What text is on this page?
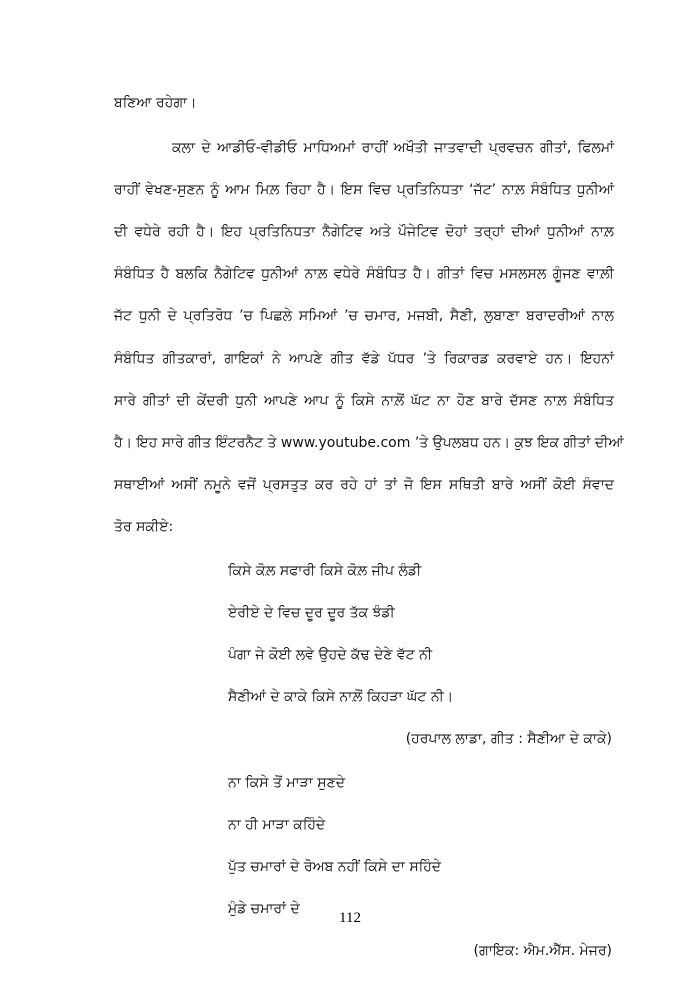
ਬਣਿਆ ਰਹੇਗਾ।
ਕਲਾ ਦੇ ਆਡੀਓ-ਵੀਡੀਓ ਮਾਧਿਅਮਾਂ ਰਾਹੀਂ ਅਖੌਤੀ ਜਾਤਵਾਦੀ ਪ੍ਰਵਚਨ ਗੀਤਾਂ, ਫਿਲਮਾਂ
ਰਾਹੀਂ ਵੇਖਣ-ਸੁਣਨ ਨੂੰ ਆਮ ਮਿਲ਼ ਰਿਹਾ ਹੈ। ਇਸ ਵਿਚ ਪ੍ਰਤਿਨਿਧਤਾ ‘ਜੱਟ’ ਨਾਲ਼ ਸੰਬੰਧਿਤ ਧੁਨੀਆਂ
ਦੀ ਵਧੇਰੇ ਰਹੀ ਹੈ। ਇਹ ਪ੍ਰਤਿਨਿਧਤਾ ਨੈਗੇਟਿਵ ਅਤੇ ਪੌਜੇਟਿਵ ਦੋਹਾਂ ਤਰ੍ਹਾਂ ਦੀਆਂ ਧੁਨੀਆਂ ਨਾਲ਼
ਸੰਬੰਧਿਤ ਹੈ ਬਲਕਿ ਨੈਗੇਟਿਵ ਧੁਨੀਆਂ ਨਾਲ਼ ਵਧੇਰੇ ਸੰਬੰਧਿਤ ਹੈ। ਗੀਤਾਂ ਵਿਚ ਮਸਲਸਲ ਗੂੰਜਣ ਵਾਲ਼ੀ
ਜੱਟ ਧੁਨੀ ਦੇ ਪ੍ਰਤਿਰੋਧ ’ਚ ਪਿਛਲੇ ਸਮਿਆਂ ’ਚ ਚਮਾਰ, ਮਜਬੀ, ਸੈਣੀ, ਲੁਬਾਣਾ ਬਰਾਦਰੀਆਂ ਨਾਲ
ਸੰਬੰਧਿਤ ਗੀਤਕਾਰਾਂ, ਗਾਇਕਾਂ ਨੇ ਆਪਣੇ ਗੀਤ ਵੱਡੇ ਪੱਧਰ ’ਤੇ ਰਿਕਾਰਡ ਕਰਵਾਏ ਹਨ। ਇਹਨਾਂ
ਸਾਰੇ ਗੀਤਾਂ ਦੀ ਕੇਂਦਰੀ ਧੁਨੀ ਆਪਣੇ ਆਪ ਨੂੰ ਕਿਸੇ ਨਾਲ਼ੋਂ ਘੱਟ ਨਾ ਹੋਣ ਬਾਰੇ ਦੱਸਣ ਨਾਲ਼ ਸੰਬੰਧਿਤ
ਹੈ। ਇਹ ਸਾਰੇ ਗੀਤ ਇੰਟਰਨੈਟ ਤੇ www.youtube.com ’ਤੇ ਉਪਲਬਧ ਹਨ। ਕੁਝ ਇਕ ਗੀਤਾਂ ਦੀਆਂ
ਸਥਾਈਆਂ ਅਸੀਂ ਨਮੂਨੇ ਵਜੋਂ ਪ੍ਰਸਤੁਤ ਕਰ ਰਹੇ ਹਾਂ ਤਾਂ ਜੋ ਇਸ ਸਥਿਤੀ ਬਾਰੇ ਅਸੀਂ ਕੋਈ ਸੰਵਾਦ
ਤੋਰ ਸਕੀਏ:
ਕਿਸੇ ਕੋਲ਼ ਸਫਾਰੀ ਕਿਸੇ ਕੋਲ਼ ਜੀਪ ਲੰਡੀ
ਏਰੀਏ ਦੇ ਵਿਚ ਦੂਰ ਦੂਰ ਤੱਕ ਝੰਡੀ
ਪੰਗਾ ਜੇ ਕੋਈ ਲਵੇ ਉਹਦੇ ਕੱਢ ਦੇਣੇ ਵੱਟ ਨੀ
ਸੈਣੀਆਂ ਦੇ ਕਾਕੇ ਕਿਸੇ ਨਾਲ਼ੋਂ ਕਿਹੜਾ ਘੱਟ ਨੀ।
(ਹਰਪਾਲ ਲਾਡਾ, ਗੀਤ : ਸੈਣੀਆ ਦੇ ਕਾਕੇ)
ਨਾ ਕਿਸੇ ਤੋਂ ਮਾੜਾ ਸੁਣਦੇ
ਨਾ ਹੀ ਮਾੜਾ ਕਹਿੰਦੇ
ਪੁੱਤ ਚਮਾਰਾਂ ਦੇ ਰੋਅਬ ਨਹੀਂ ਕਿਸੇ ਦਾ ਸਹਿੰਦੇ
ਮੁੰਡੇ ਚਮਾਰਾਂ ਦੇ
(ਗਾਇਕ: ਐਮ.ਐੱਸ. ਮੇਜਰ)
112
